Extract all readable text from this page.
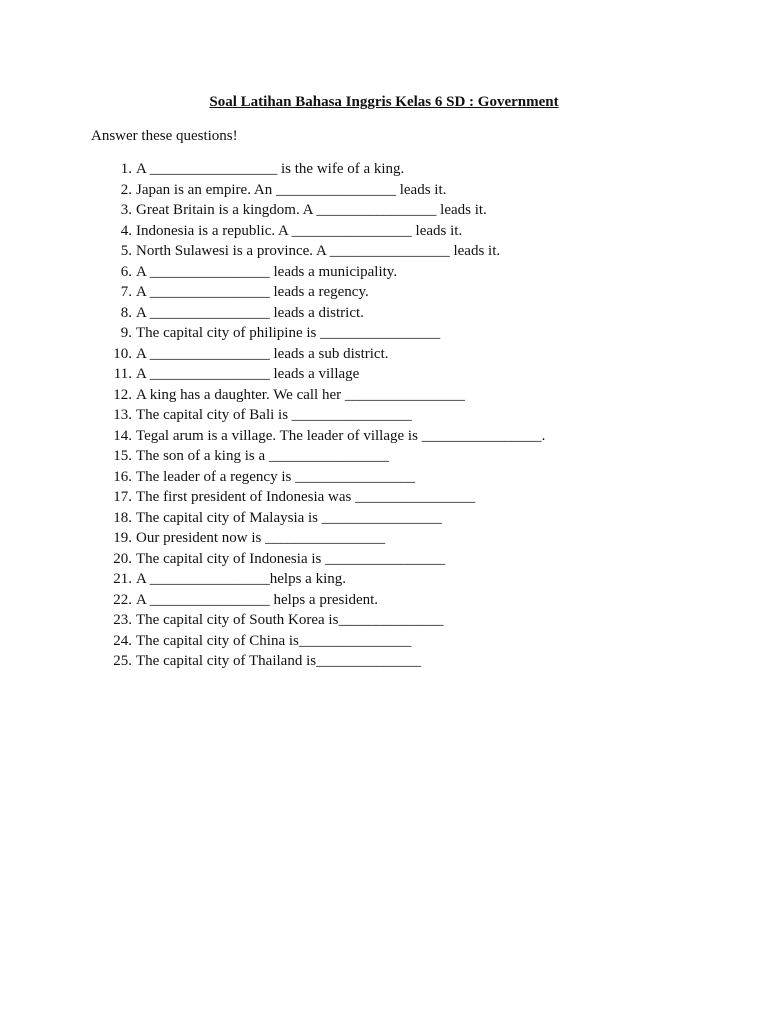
Soal Latihan Bahasa Inggris Kelas 6 SD : Government

Answer these questions!

1. A _________________ is the wife of a king.
2. Japan is an empire. An ________________ leads it.
3. Great Britain is a kingdom. A ________________ leads it.
4. Indonesia is a republic. A ________________ leads it.
5. North Sulawesi is a province. A ________________ leads it.
6. A ________________ leads a municipality.
7. A ________________ leads a regency.
8. A ________________ leads a district.
9. The capital city of philipine is ________________
10. A ________________ leads a sub district.
11. A ________________ leads a village
12. A king has a daughter. We call her ________________
13. The capital city of Bali is ________________
14. Tegal arum is a village. The leader of village is ________________.
15. The son of a king is a ________________
16. The leader of a regency is ________________
17. The first president of Indonesia was ________________
18. The capital city of Malaysia is ________________
19. Our president now is ________________
20. The capital city of Indonesia is ________________
21. A ________________helps a king.
22. A ________________ helps a president.
23. The capital city of South Korea is______________
24. The capital city of China is_______________
25. The capital city of Thailand is______________
